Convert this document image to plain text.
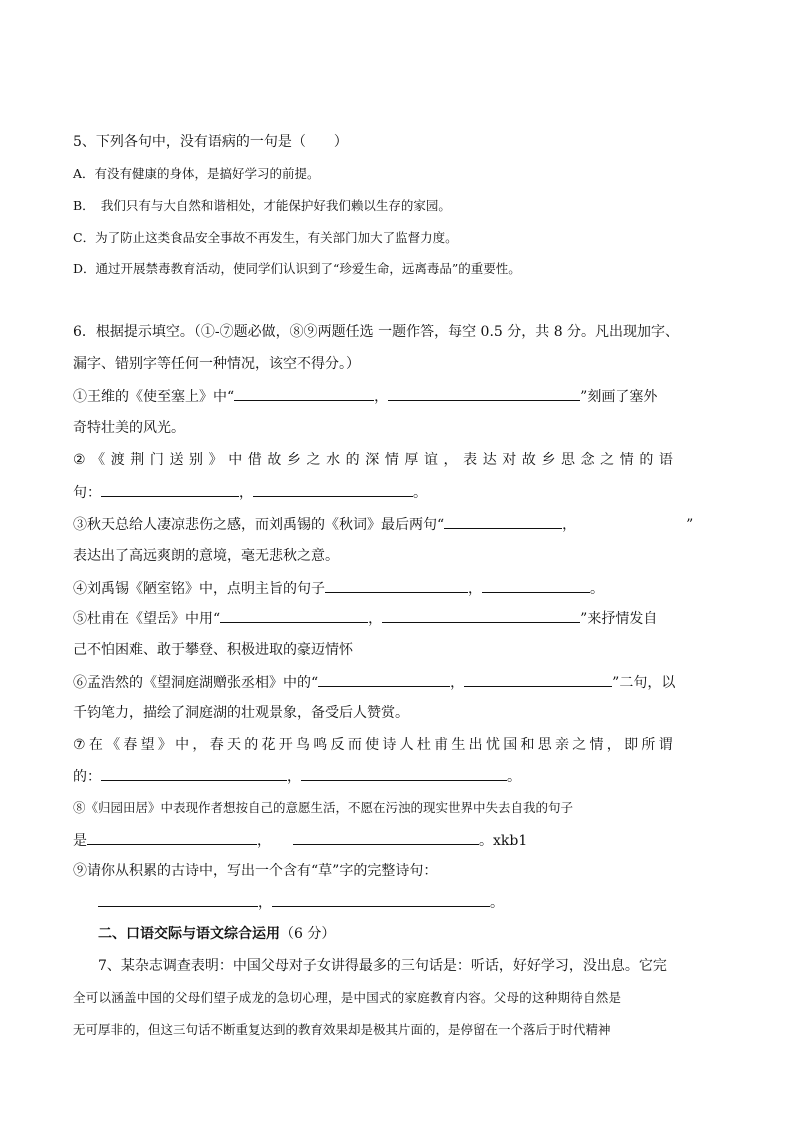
5、下列各句中，没有语病的一句是（　　）
A．有没有健康的身体，是搞好学习的前提。
B．　我们只有与大自然和谐相处，才能保护好我们赖以生存的家园。
C．为了防止这类食品安全事故不再发生，有关部门加大了监督力度。
D．通过开展禁毒教育活动，使同学们认识到了“珍爱生命，远离毒品”的重要性。
6．根据提示填空。（①-⑦题必做，⑧⑨两题任选 一题作答，每空 0.5 分，共 8 分。凡出现加字、
漏字、错别字等任何一种情况，该空不得分。）
①王维的《使至塞上》中“	，	”刻画了塞外
奇特壮美的风光。
② 《 渡 荆 门 送 别 》 中 借 故 乡 之 水 的 深 情 厚 谊 ， 表 达 对 故 乡 思 念 之 情 的 语
句：	，	。
③秋天总给人凄凉悲伤之感，而刘禹锡的《秋词》最后两句“	，	”
表达出了高远爽朗的意境，毫无悲秋之意。
④刘禹锡《陋室铭》中，点明主旨的句子	，	。
⑤杜甫在《望岳》中用“	，	”来抒情发自
己不怕困难、敢于攀登、积极进取的豪迈情怀
⑥孟浩然的《望洞庭湖赠张丞相》中的“	，	”二句，以
千钧笔力，描绘了洞庭湖的壮观景象，备受后人赞赏。
⑦ 在 《 春 望 》 中 ， 春 天 的 花 开 鸟 鸣 反 而 使 诗 人 杜 甫 生 出 忧 国 和 思 亲 之 情 ， 即 所 谓
的：	，	。
⑧《归园田居》中表现作者想按自己的意愿生活，不愿在污浊的现实世界中失去自我的句子
是	，	。xkb1
⑨请你从积累的古诗中，写出一个含有“草”字的完整诗句：
，	。
二、口语交际与语文综合运用（6 分）
7、某杂志调查表明：中国父母对子女讲得最多的三句话是：听话，好好学习，没出息。它完
全可以涵盖中国的父母们望子成龙的急切心理，是中国式的家庭教育内容。父母的这种期待自然是
无可厚非的，但这三句话不断重复达到的教育效果却是极其片面的，是停留在一个落后于时代精神
